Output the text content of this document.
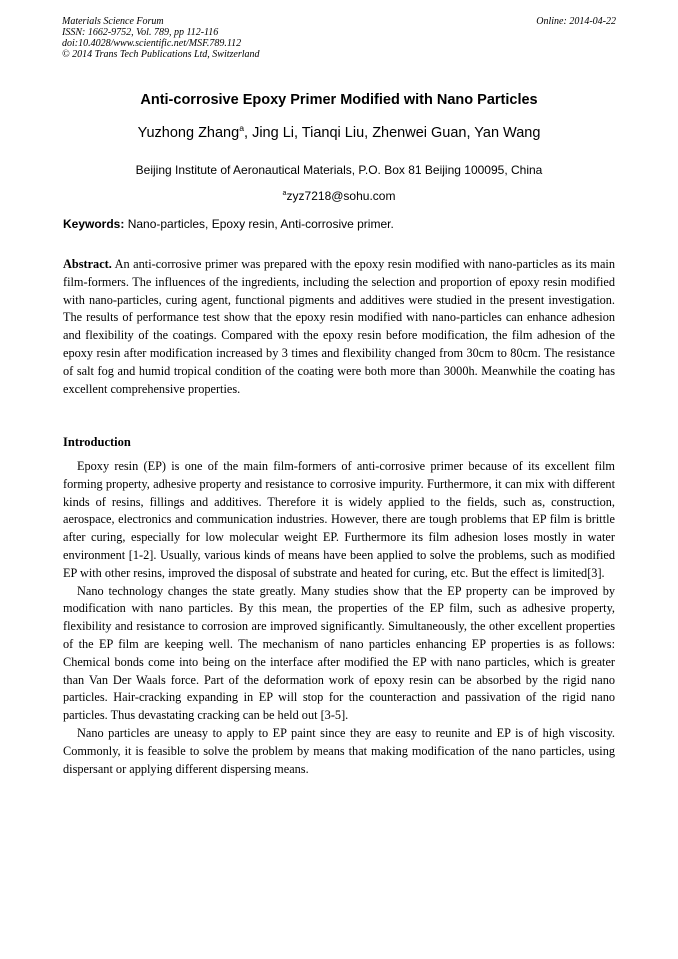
Materials Science Forum
ISSN: 1662-9752, Vol. 789, pp 112-116
doi:10.4028/www.scientific.net/MSF.789.112
© 2014 Trans Tech Publications Ltd, Switzerland
Online: 2014-04-22
Anti-corrosive Epoxy Primer Modified with Nano Particles
Yuzhong Zhang$^a$, Jing Li, Tianqi Liu, Zhenwei Guan, Yan Wang
Beijing Institute of Aeronautical Materials, P.O. Box 81 Beijing 100095, China
$^a$zyz7218@sohu.com
Keywords: Nano-particles, Epoxy resin, Anti-corrosive primer.

Abstract. An anti-corrosive primer was prepared with the epoxy resin modified with nano-particles as its main film-formers. The influences of the ingredients, including the selection and proportion of epoxy resin modified with nano-particles, curing agent, functional pigments and additives were studied in the present investigation. The results of performance test show that the epoxy resin modified with nano-particles can enhance adhesion and flexibility of the coatings. Compared with the epoxy resin before modification, the film adhesion of the epoxy resin after modification increased by 3 times and flexibility changed from 30cm to 80cm. The resistance of salt fog and humid tropical condition of the coating were both more than 3000h. Meanwhile the coating has excellent comprehensive properties.

Introduction

Epoxy resin (EP) is one of the main film-formers of anti-corrosive primer because of its excellent film forming property, adhesive property and resistance to corrosive impurity. Furthermore, it can mix with different kinds of resins, fillings and additives. Therefore it is widely applied to the fields, such as, construction, aerospace, electronics and communication industries. However, there are tough problems that EP film is brittle after curing, especially for low molecular weight EP. Furthermore its film adhesion loses mostly in water environment [1-2]. Usually, various kinds of means have been applied to solve the problems, such as modified EP with other resins, improved the disposal of substrate and heated for curing, etc. But the effect is limited[3].

Nano technology changes the state greatly. Many studies show that the EP property can be improved by modification with nano particles. By this mean, the properties of the EP film, such as adhesive property, flexibility and resistance to corrosion are improved significantly. Simultaneously, the other excellent properties of the EP film are keeping well. The mechanism of nano particles enhancing EP properties is as follows: Chemical bonds come into being on the interface after modified the EP with nano particles, which is greater than Van Der Waals force. Part of the deformation work of epoxy resin can be absorbed by the rigid nano particles. Hair-cracking expanding in EP will stop for the counteraction and passivation of the rigid nano particles. Thus devastating cracking can be held out [3-5].

Nano particles are uneasy to apply to EP paint since they are easy to reunite and EP is of high viscosity. Commonly, it is feasible to solve the problem by means that making modification of the nano particles, using dispersant or applying different dispersing means.
